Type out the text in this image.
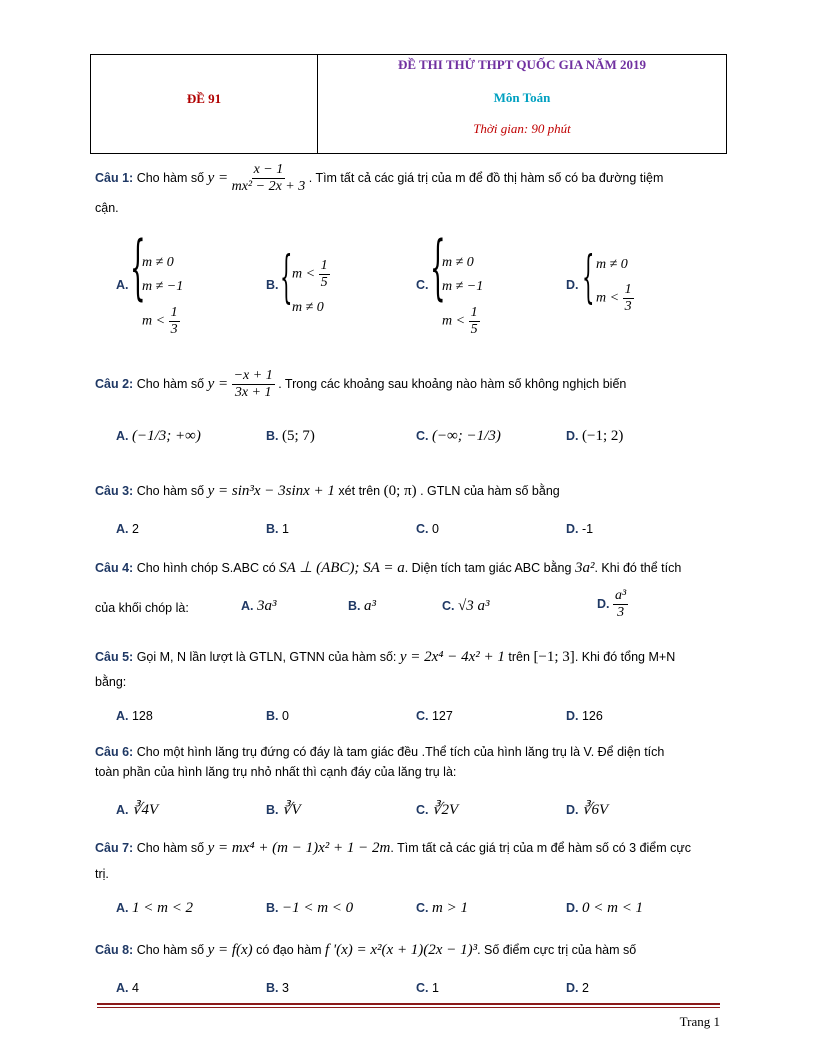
ĐỀ 91
ĐỀ THI THỬ THPT QUỐC GIA NĂM 2019
Môn Toán
Thời gian: 90 phút
Câu 1: Cho hàm số $y = \frac{x - 1}{\text{mx² − 2x + 3}}$ . Tìm tất cả các giá trị của m để đồ thị hàm số có ba đường tiệm
cận.
A. {
m ≠ 0
m ≠ −1
$m < \frac{1}{3}$
B. { $m < \frac{1}{5}$
m ≠ 0
C. {
m ≠ 0
m ≠ −1
$m < \frac{1}{5}$
D. { m ≠ 0
$m < \frac{1}{3}$
Câu 2: Cho hàm số $y = \frac{-x + 1}{3x + 1}$ . Trong các khoảng sau khoảng nào hàm số không nghịch biến
A. (−1/3; +∞)	B. (5; 7)	C. (−∞; −1/3)	D. (−1; 2)
Câu 3: Cho hàm số y = sin³x − 3sinx + 1 xét trên (0; π) . GTLN của hàm số bằng
A. 2	B. 1	C. 0	D. -1
Câu 4: Cho hình chóp S.ABC có SA ⊥ (ABC); SA = a. Diện tích tam giác ABC bằng 3a². Khi đó thể tích
của khối chóp là:	A. 3a³	B. a³	C. √3 a³	D. $\frac{\text{a³}}{3}$
Câu 5: Gọi M, N lần lượt là GTLN, GTNN của hàm số: y = 2x⁴ − 4x² + 1 trên [−1; 3]. Khi đó tổng M+N
bằng:
A. 128	B. 0	C. 127	D. 126
Câu 6: Cho một hình lăng trụ đứng có đáy là tam giác đều .Thể tích của hình lăng trụ là V. Để diện tích
toàn phần của hình lăng trụ nhỏ nhất thì cạnh đáy của lăng trụ là:
A. ∛4V	B. ∛V	C. ∛2V	D. ∛6V
Câu 7: Cho hàm số y = mx⁴ + (m − 1)x² + 1 − 2m. Tìm tất cả các giá trị của m để hàm số có 3 điểm cực
trị.
A. 1 < m < 2	B. −1 < m < 0	C. m > 1	D. 0 < m < 1
Câu 8: Cho hàm số y = f(x) có đạo hàm f '(x) = x²(x + 1)(2x − 1)³. Số điểm cực trị của hàm số
A. 4	B. 3	C. 1	D. 2
Trang 1
